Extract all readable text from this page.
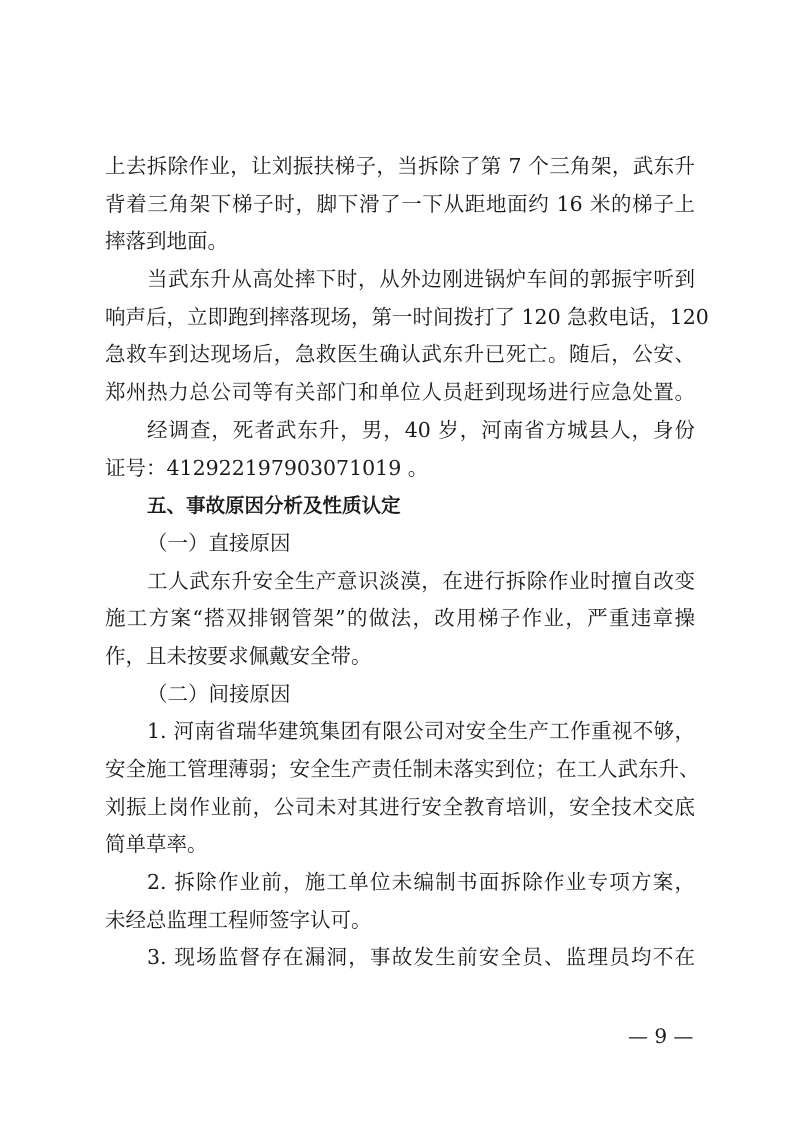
上去拆除作业，让刘振扶梯子，当拆除了第 7 个三角架，武东升
背着三角架下梯子时，脚下滑了一下从距地面约 16 米的梯子上
摔落到地面。
当武东升从高处摔下时，从外边刚进锅炉车间的郭振宇听到
响声后，立即跑到摔落现场，第一时间拨打了 120 急救电话，120
急救车到达现场后，急救医生确认武东升已死亡。随后，公安、
郑州热力总公司等有关部门和单位人员赶到现场进行应急处置。
经调查，死者武东升，男，40 岁，河南省方城县人，身份
证号：412922197903071019 。
五、事故原因分析及性质认定
（一）直接原因
工人武东升安全生产意识淡漠，在进行拆除作业时擅自改变
施工方案“搭双排钢管架”的做法，改用梯子作业，严重违章操
作，且未按要求佩戴安全带。
（二）间接原因
1. 河南省瑞华建筑集团有限公司对安全生产工作重视不够，
安全施工管理薄弱；安全生产责任制未落实到位；在工人武东升、
刘振上岗作业前，公司未对其进行安全教育培训，安全技术交底
简单草率。
2. 拆除作业前，施工单位未编制书面拆除作业专项方案，
未经总监理工程师签字认可。
3. 现场监督存在漏洞，事故发生前安全员、监理员均不在
— 9 —
